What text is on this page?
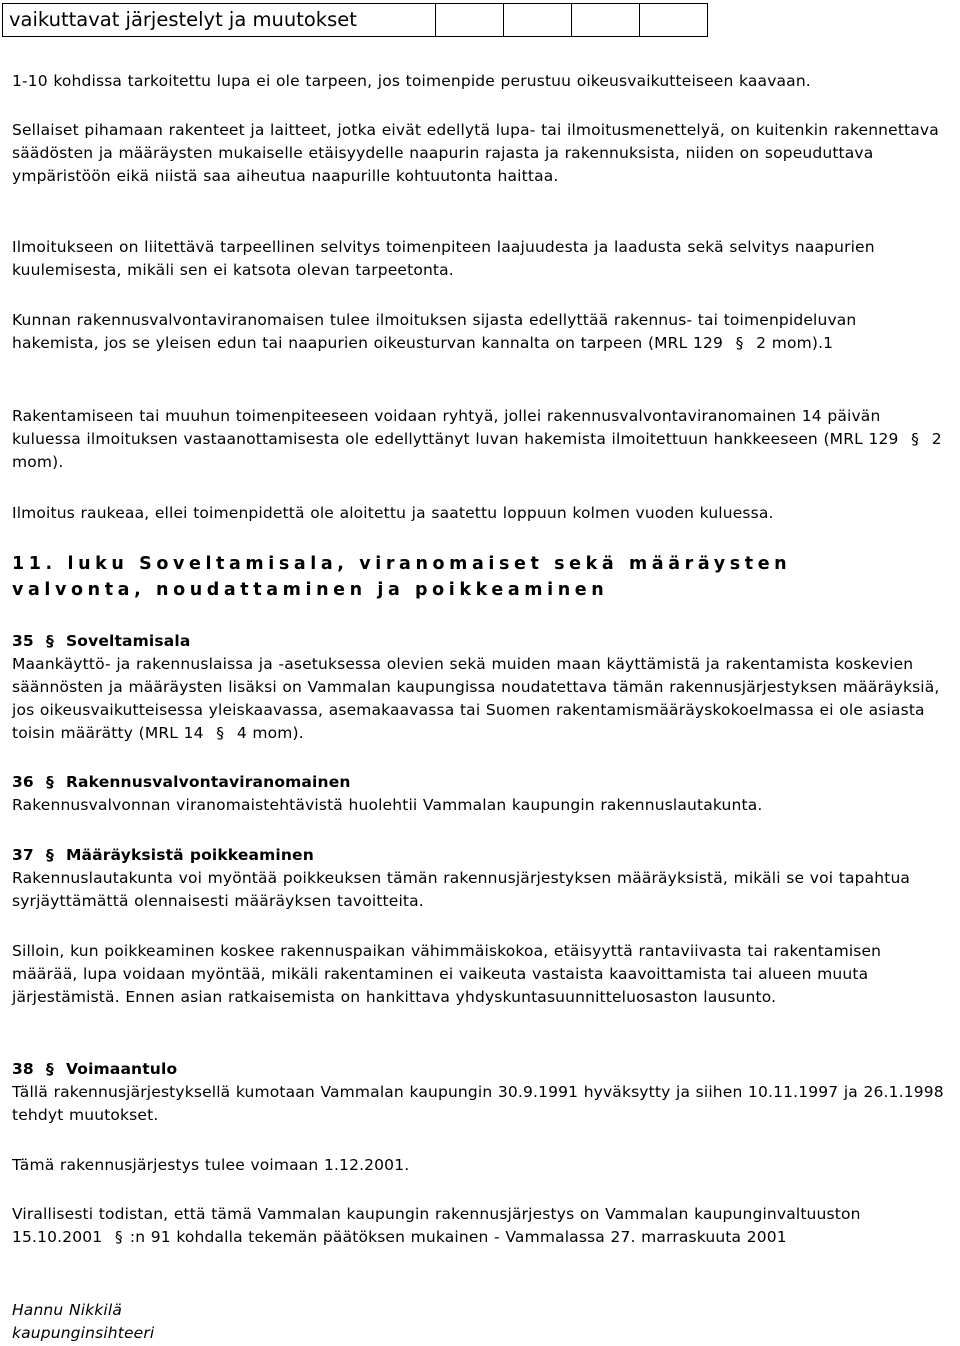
vaikuttavat järjestelyt ja muutokset
1-10 kohdissa tarkoitettu lupa ei ole tarpeen, jos toimenpide perustuu oikeusvaikutteiseen kaavaan.
Sellaiset pihamaan rakenteet ja laitteet, jotka eivät edellytä lupa- tai ilmoitusmenettelyä, on kuitenkin rakennettava säädösten ja määräysten mukaiselle etäisyydelle naapurin rajasta ja rakennuksista, niiden on sopeuduttava ympäristöön eikä niistä saa aiheutua naapurille kohtuutonta haittaa.
Ilmoitukseen on liitettävä tarpeellinen selvitys toimenpiteen laajuudesta ja laadusta sekä selvitys naapurien kuulemisesta, mikäli sen ei katsota olevan tarpeetonta.
Kunnan rakennusvalvontaviranomaisen tulee ilmoituksen sijasta edellyttää rakennus- tai toimenpideluvan hakemista, jos se yleisen edun tai naapurien oikeusturvan kannalta on tarpeen (MRL 129 § 2 mom).1
Rakentamiseen tai muuhun toimenpiteeseen voidaan ryhtyä, jollei rakennusvalvontaviranomainen 14 päivän kuluessa ilmoituksen vastaanottamisesta ole edellyttänyt luvan hakemista ilmoitettuun hankkeeseen (MRL 129 § 2 mom).
Ilmoitus raukeaa, ellei toimenpidettä ole aloitettu ja saatettu loppuun kolmen vuoden kuluessa.
11. luku Soveltamisala, viranomaiset sekä määräysten
valvonta, noudattaminen ja poikkeaminen
35 § Soveltamisala
Maankäyttö- ja rakennuslaissa ja -asetuksessa olevien sekä muiden maan käyttämistä ja rakentamista koskevien säännösten ja määräysten lisäksi on Vammalan kaupungissa noudatettava tämän rakennusjärjestyksen määräyksiä, jos oikeusvaikutteisessa yleiskaavassa, asemakaavassa tai Suomen rakentamismääräyskokoelmassa ei ole asiasta toisin määrätty (MRL 14 § 4 mom).
36 § Rakennusvalvontaviranomainen
Rakennusvalvonnan viranomaistehtävistä huolehtii Vammalan kaupungin rakennuslautakunta.
37 § Määräyksistä poikkeaminen
Rakennuslautakunta voi myöntää poikkeuksen tämän rakennusjärjestyksen määräyksistä, mikäli se voi tapahtua syrjäyttämättä olennaisesti määräyksen tavoitteita.
Silloin, kun poikkeaminen koskee rakennuspaikan vähimmäiskokoa, etäisyyttä rantaviivasta tai rakentamisen määrää, lupa voidaan myöntää, mikäli rakentaminen ei vaikeuta vastaista kaavoittamista tai alueen muuta järjestämistä. Ennen asian ratkaisemista on hankittava yhdyskuntasuunnitteluosaston lausunto.
38 § Voimaantulo
Tällä rakennusjärjestyksellä kumotaan Vammalan kaupungin 30.9.1991 hyväksytty ja siihen 10.11.1997 ja 26.1.1998 tehdyt muutokset.
Tämä rakennusjärjestys tulee voimaan 1.12.2001.
Virallisesti todistan, että tämä Vammalan kaupungin rakennusjärjestys on Vammalan kaupunginvaltuuston 15.10.2001 § :n 91 kohdalla tekemän päätöksen mukainen - Vammalassa 27. marraskuuta 2001
Hannu Nikkilä
kaupunginsihteeri
